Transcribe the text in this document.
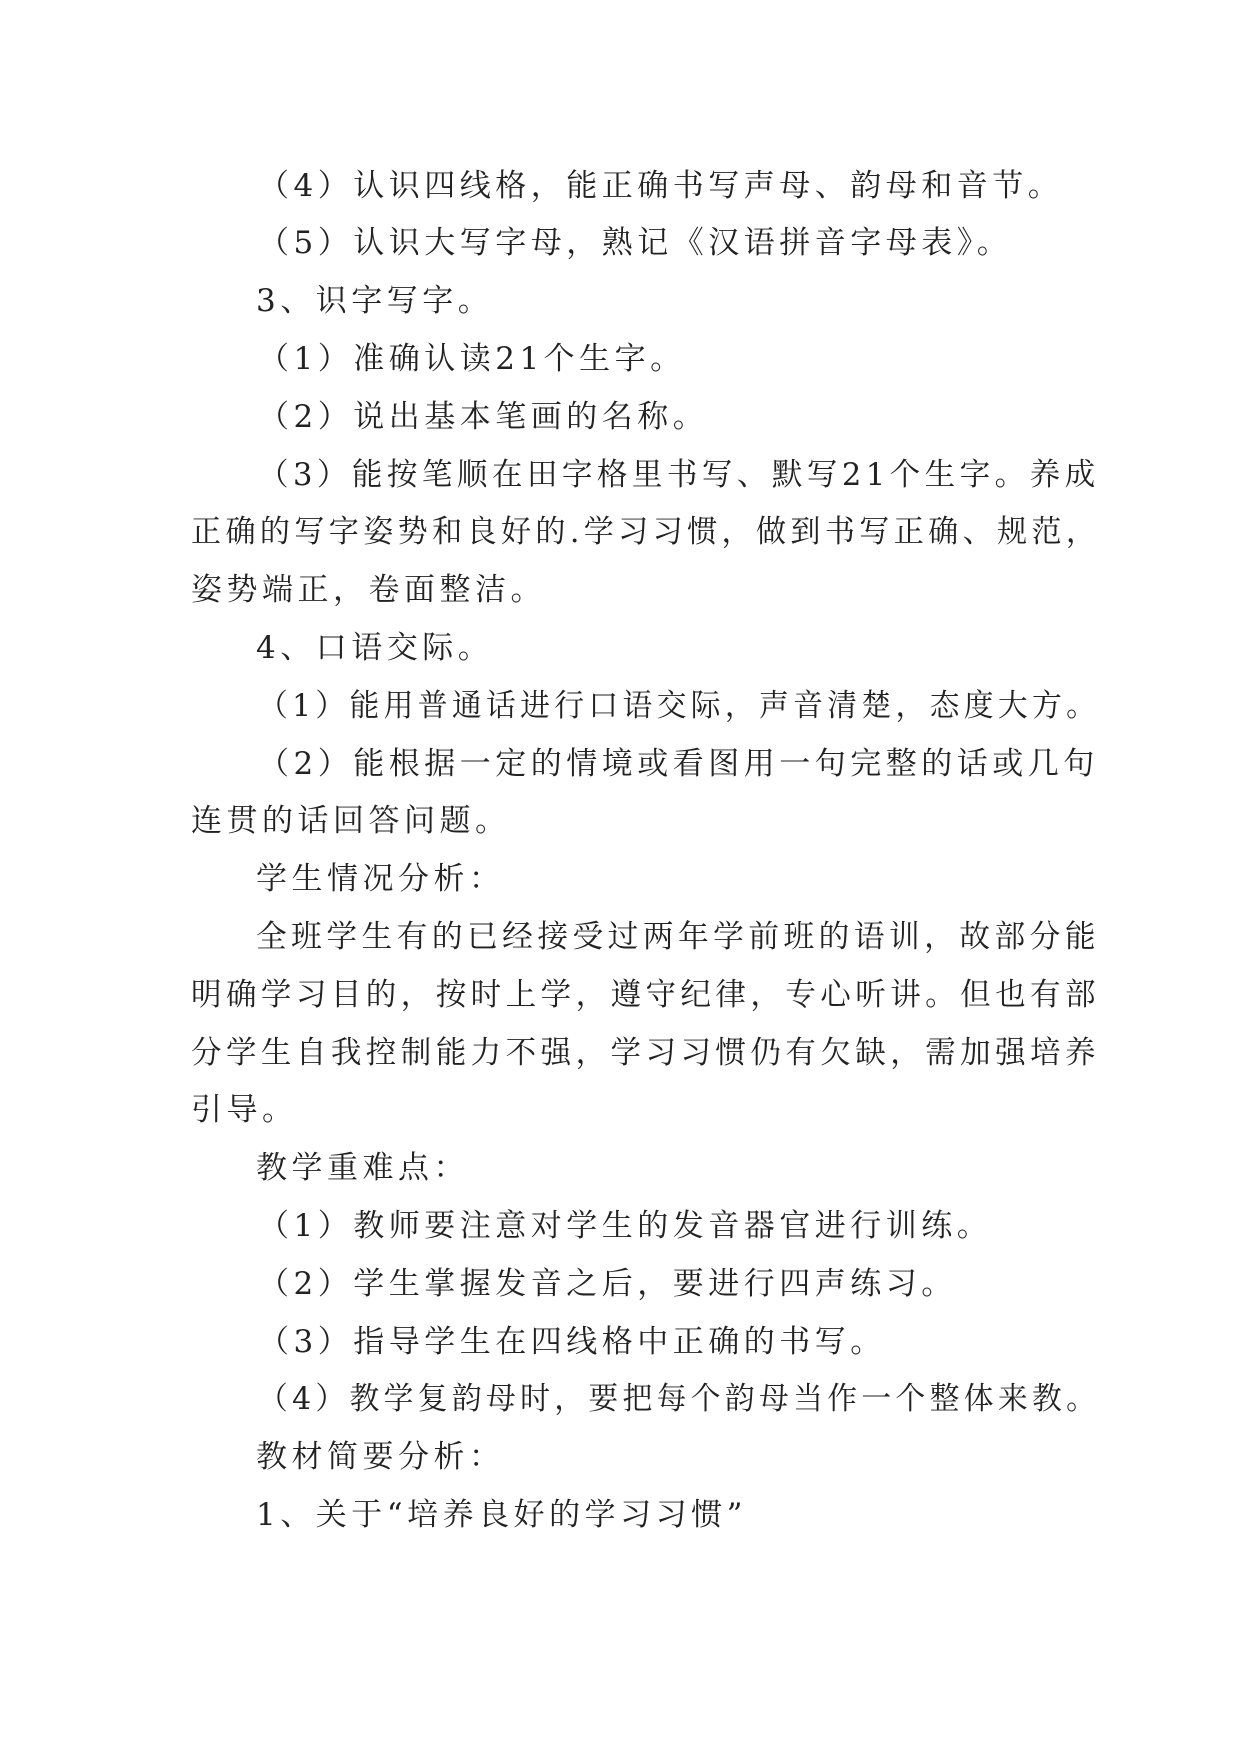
（4）认识四线格，能正确书写声母、韵母和音节。
（5）认识大写字母，熟记《汉语拼音字母表》。
3、识字写字。
（1）准确认读21个生字。
（2）说出基本笔画的名称。
（3）能按笔顺在田字格里书写、默写21个生字。养成
正确的写字姿势和良好的.学习习惯，做到书写正确、规范，
姿势端正，卷面整洁。
4、口语交际。
（1）能用普通话进行口语交际，声音清楚，态度大方。
（2）能根据一定的情境或看图用一句完整的话或几句
连贯的话回答问题。
学生情况分析：
全班学生有的已经接受过两年学前班的语训，故部分能
明确学习目的，按时上学，遵守纪律，专心听讲。但也有部
分学生自我控制能力不强，学习习惯仍有欠缺，需加强培养
引导。
教学重难点：
（1）教师要注意对学生的发音器官进行训练。
（2）学生掌握发音之后，要进行四声练习。
（3）指导学生在四线格中正确的书写。
（4）教学复韵母时，要把每个韵母当作一个整体来教。
教材简要分析：
1、关于“培养良好的学习习惯”
